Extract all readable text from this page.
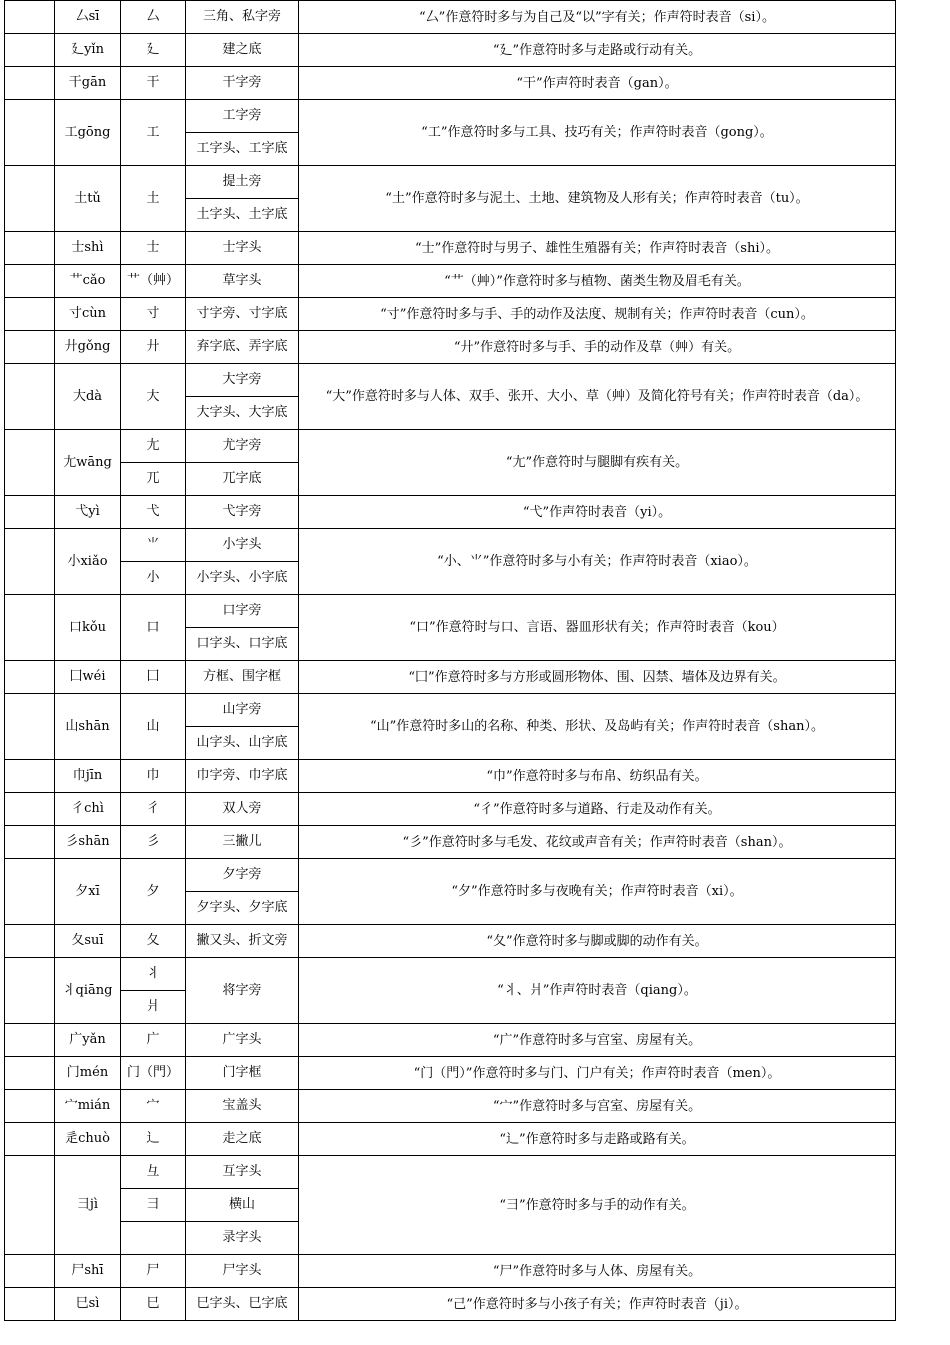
	厶sī	厶	三角、私字旁	“厶”作意符时多与为自己及“以”字有关；作声符时表音（si）。
	廴yǐn	廴	建之底	“廴”作意符时多与走路或行动有关。
	干gān	干	干字旁	“干”作声符时表音（gan）。
	工gōng	工	工字旁	“工”作意符时多与工具、技巧有关；作声符时表音（gong）。
			工字头、工字底	
	土tǔ	土	提土旁	“土”作意符时多与泥土、土地、建筑物及人形有关；作声符时表音（tu）。
			土字头、土字底	
	士shì	士	士字头	“士”作意符时与男子、雄性生殖器有关；作声符时表音（shi）。
	艹cǎo	艹（艸）	草字头	“艹（艸）”作意符时多与植物、菌类生物及眉毛有关。
	寸cùn	寸	寸字旁、寸字底	“寸”作意符时多与手、手的动作及法度、规制有关；作声符时表音（cun）。
	廾gǒng	廾	弃字底、弄字底	“廾”作意符时多与手、手的动作及草（艸）有关。
	大dà	大	大字旁	“大”作意符时多与人体、双手、张开、大小、草（艸）及简化符号有关；作声符时表音（da）。
			大字头、大字底	
	尢wāng	尢	尤字旁	“尢”作意符时与腿脚有疾有关。
		兀	兀字底	
	弋yì	弋	弋字旁	“弋”作声符时表音（yi）。
	小xiǎo	⺌	小字头	“小、⺌”作意符时多与小有关；作声符时表音（xiao）。
		小	小字头、小字底	
	口kǒu	口	口字旁	“口”作意符时与口、言语、器皿形状有关；作声符时表音（kou）
			口字头、口字底	
	囗wéi	囗	方框、围字框	“囗”作意符时多与方形或圆形物体、围、囚禁、墙体及边界有关。
	山shān	山	山字旁	“山”作意符时多山的名称、种类、形状、及岛屿有关；作声符时表音（shan）。
			山字头、山字底	
	巾jīn	巾	巾字旁、巾字底	“巾”作意符时多与布帛、纺织品有关。
	彳chì	彳	双人旁	“彳”作意符时多与道路、行走及动作有关。
	彡shān	彡	三撇儿	“彡”作意符时多与毛发、花纹或声音有关；作声符时表音（shan）。
	夕xī	夕	夕字旁	“夕”作意符时多与夜晚有关；作声符时表音（xi）。
			夕字头、夕字底	
	夂suī	夂	撇又头、折文旁	“夂”作意符时多与脚或脚的动作有关。
	丬qiāng	丬	将字旁	“丬、爿”作声符时表音（qiang）。
		爿		
	广yǎn	广	广字头	“广”作意符时多与宫室、房屋有关。
	门mén	门（門）	门字框	“门（門）”作意符时多与门、门户有关；作声符时表音（men）。
	宀mián	宀	宝盖头	“宀”作意符时多与宫室、房屋有关。
	辵chuò	辶	走之底	“辶”作意符时多与走路或路有关。
	彐jì	彑	互字头	“彐”作意符时多与手的动作有关。
		彐	横山	
			录字头	
	尸shī	尸	尸字头	“尸”作意符时多与人体、房屋有关。
	巳sì	巳	巳字头、巳字底	“己”作意符时多与小孩子有关；作声符时表音（ji）。
